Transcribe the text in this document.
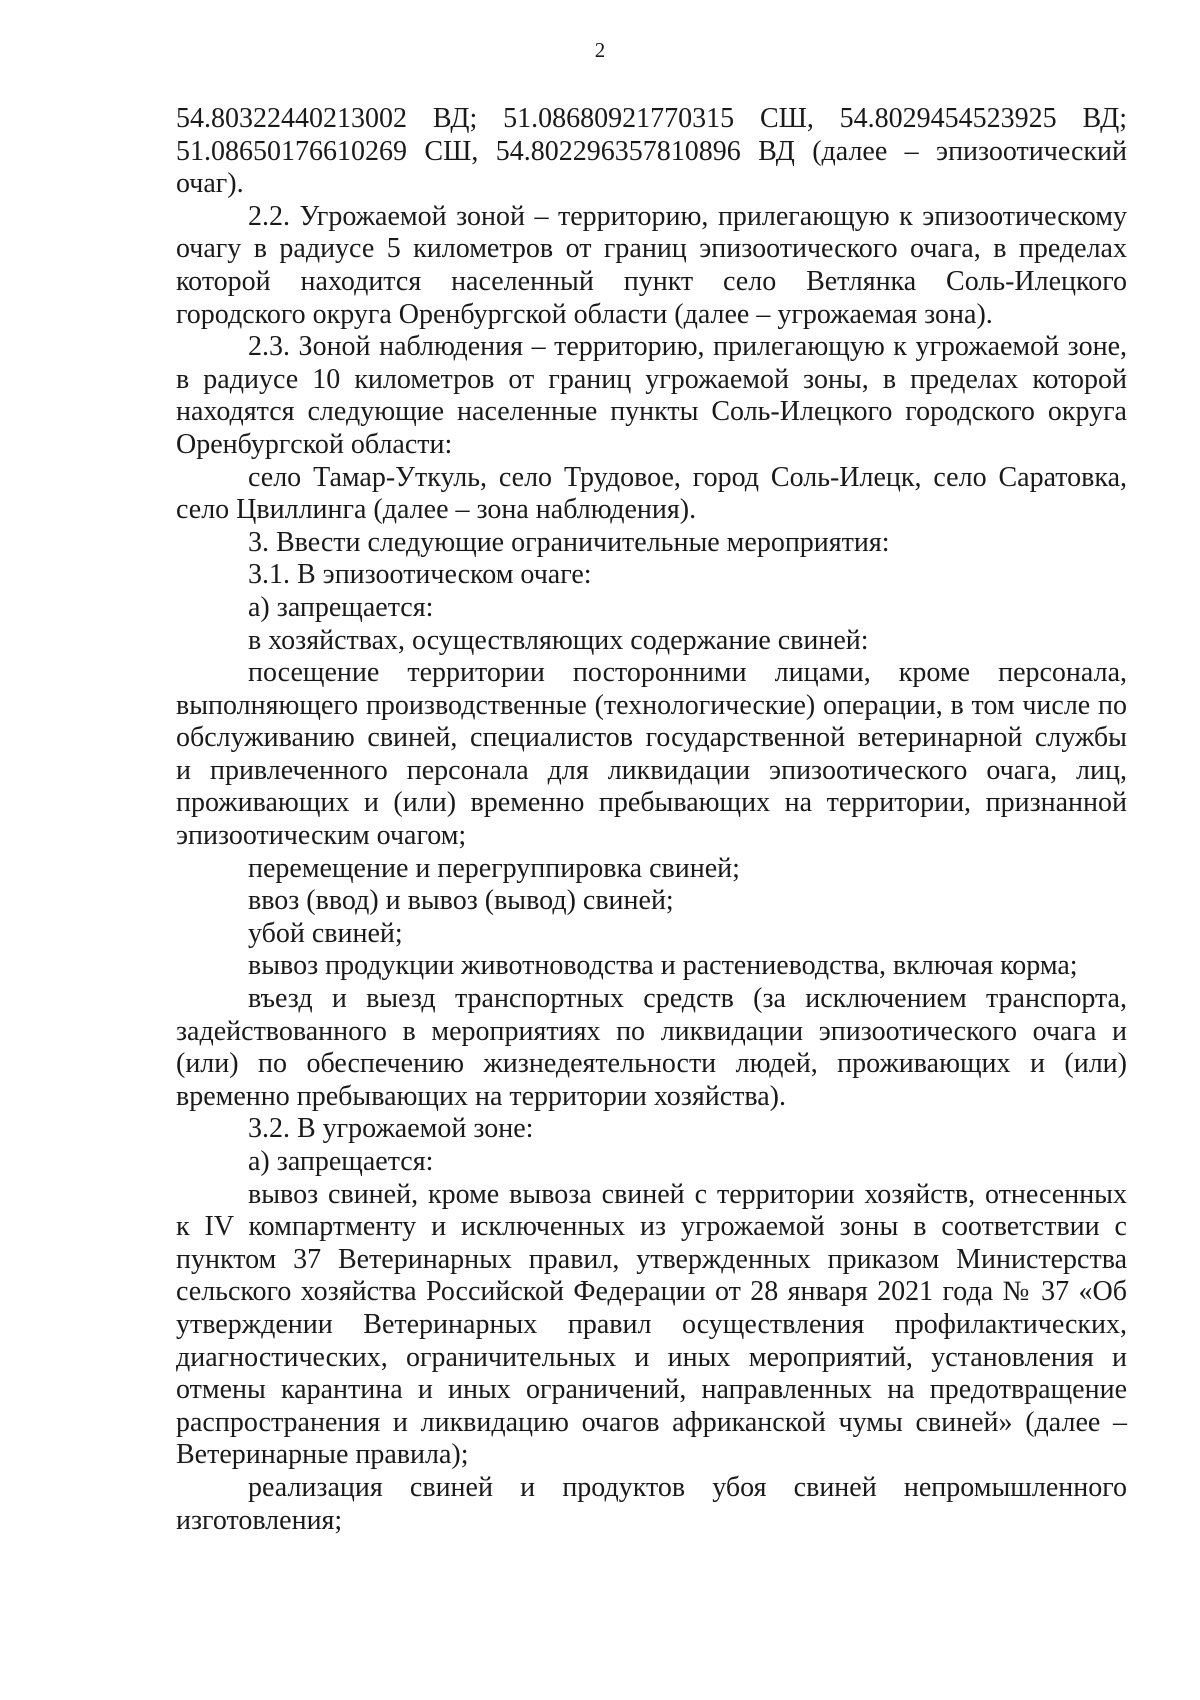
2
54.80322440213002 ВД; 51.08680921770315 СШ, 54.8029454523925 ВД;
51.08650176610269 СШ, 54.802296357810896 ВД (далее – эпизоотический
очаг).
2.2. Угрожаемой зоной – территорию, прилегающую к эпизоотическому
очагу в радиусе 5 километров от границ эпизоотического очага, в пределах
которой находится населенный пункт село Ветлянка Соль-Илецкого
городского округа Оренбургской области (далее – угрожаемая зона).
2.3. Зоной наблюдения – территорию, прилегающую к угрожаемой зоне,
в радиусе 10 километров от границ угрожаемой зоны, в пределах которой
находятся следующие населенные пункты Соль-Илецкого городского округа
Оренбургской области:
село Тамар-Уткуль, село Трудовое, город Соль-Илецк, село Саратовка,
село Цвиллинга (далее – зона наблюдения).
3. Ввести следующие ограничительные мероприятия:
3.1. В эпизоотическом очаге:
а) запрещается:
в хозяйствах, осуществляющих содержание свиней:
посещение территории посторонними лицами, кроме персонала,
выполняющего производственные (технологические) операции, в том числе по
обслуживанию свиней, специалистов государственной ветеринарной службы
и привлеченного персонала для ликвидации эпизоотического очага, лиц,
проживающих и (или) временно пребывающих на территории, признанной
эпизоотическим очагом;
перемещение и перегруппировка свиней;
ввоз (ввод) и вывоз (вывод) свиней;
убой свиней;
вывоз продукции животноводства и растениеводства, включая корма;
въезд и выезд транспортных средств (за исключением транспорта,
задействованного в мероприятиях по ликвидации эпизоотического очага и
(или) по обеспечению жизнедеятельности людей, проживающих и (или)
временно пребывающих на территории хозяйства).
3.2. В угрожаемой зоне:
а) запрещается:
вывоз свиней, кроме вывоза свиней с территории хозяйств, отнесенных
к IV компартменту и исключенных из угрожаемой зоны в соответствии с
пунктом 37 Ветеринарных правил, утвержденных приказом Министерства
сельского хозяйства Российской Федерации от 28 января 2021 года № 37 «Об
утверждении Ветеринарных правил осуществления профилактических,
диагностических, ограничительных и иных мероприятий, установления и
отмены карантина и иных ограничений, направленных на предотвращение
распространения и ликвидацию очагов африканской чумы свиней» (далее –
Ветеринарные правила);
реализация свиней и продуктов убоя свиней непромышленного
изготовления;
